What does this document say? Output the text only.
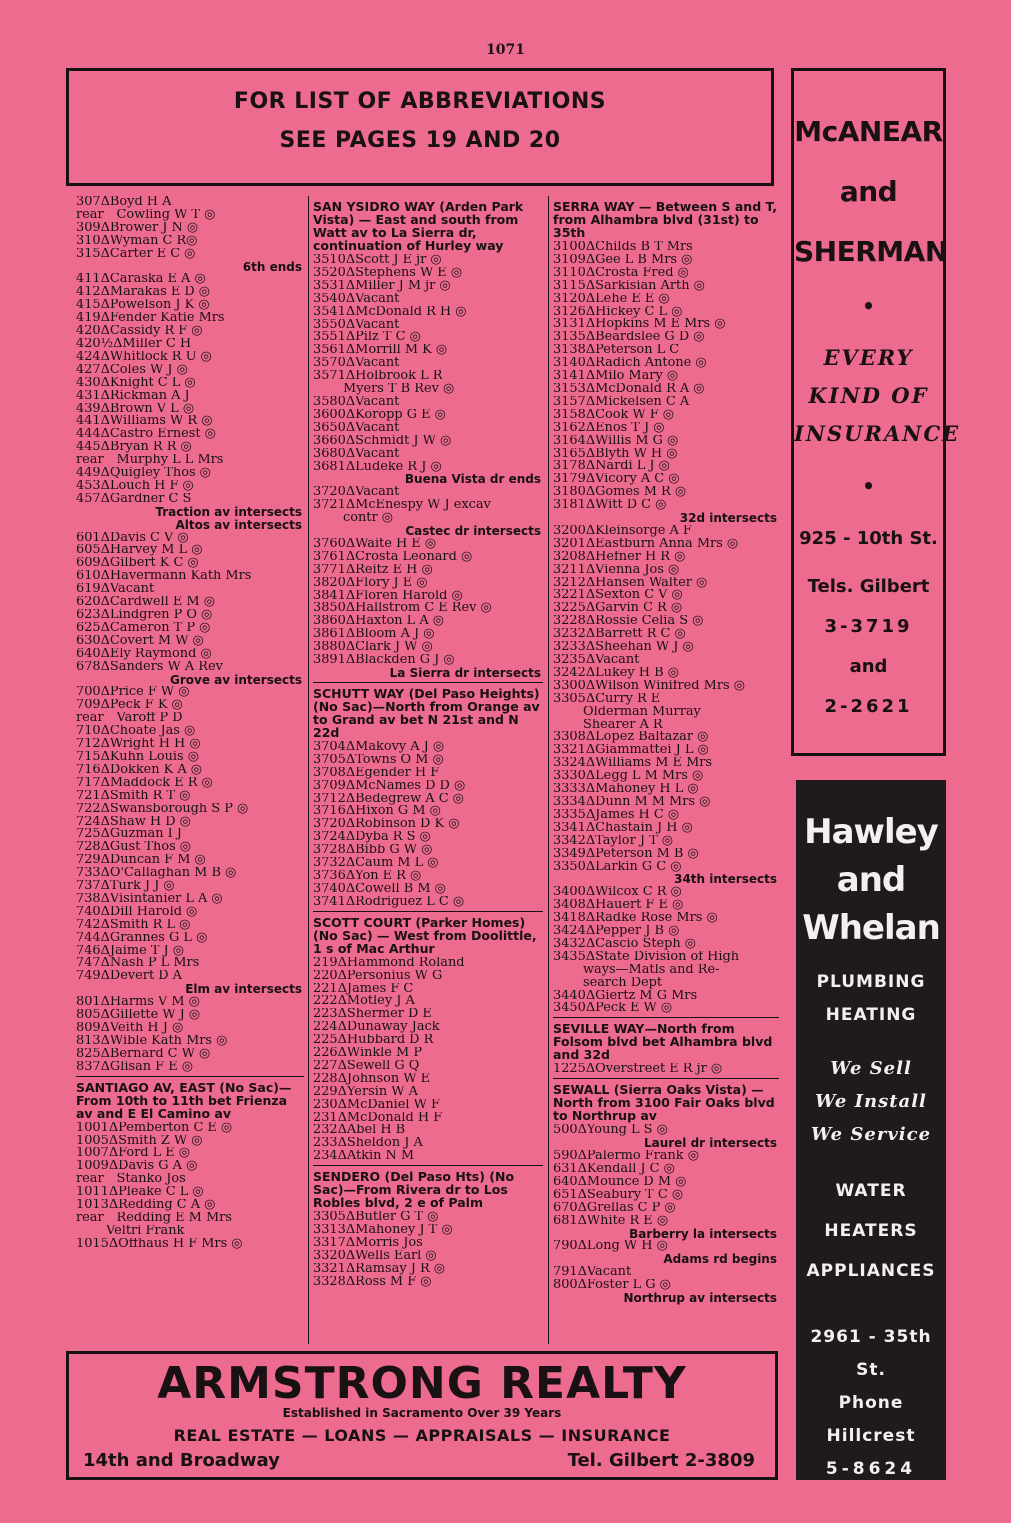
1071
FOR LIST OF ABBREVIATIONS
SEE PAGES 19 AND 20
307ΔBoyd H A
rear  Cowling W T ◎
309ΔBrower J N ◎
310ΔWyman C R◎
315ΔCarter E C ◎
6th ends
411ΔCaraska E A ◎
412ΔMarakas E D ◎
415ΔPowelson J K ◎
419ΔFender Katie Mrs
420ΔCassidy R F ◎
420½ΔMiller C H
424ΔWhitlock R U ◎
427ΔColes W J ◎
430ΔKnight C L ◎
431ΔRickman A J
439ΔBrown V L ◎
441ΔWilliams W R ◎
444ΔCastro Ernest ◎
445ΔBryan R R ◎
rear  Murphy L L Mrs
449ΔQuigley Thos ◎
453ΔLouch H F ◎
457ΔGardner C S
Traction av intersects
Altos av intersects
601ΔDavis C V ◎
605ΔHarvey M L ◎
609ΔGilbert K C ◎
610ΔHavermann Kath Mrs
619ΔVacant
620ΔCardwell E M ◎
623ΔLindgren P O ◎
625ΔCameron T P ◎
630ΔCovert M W ◎
640ΔEly Raymond ◎
678ΔSanders W A Rev
Grove av intersects
700ΔPrice F W ◎
709ΔPeck F K ◎
rear  Varoff P D
710ΔChoate Jas ◎
712ΔWright H H ◎
715ΔKuhn Louis ◎
716ΔDokken K A ◎
717ΔMaddock E R ◎
721ΔSmith R T ◎
722ΔSwansborough S P ◎
724ΔShaw H D ◎
725ΔGuzman I J
728ΔGust Thos ◎
729ΔDuncan F M ◎
733ΔO'Callaghan M B ◎
737ΔTurk J J ◎
738ΔVisintanier L A ◎
740ΔDill Harold ◎
742ΔSmith R L ◎
744ΔGrannes G L ◎
746ΔJaime T J ◎
747ΔNash P L Mrs
749ΔDevert D A
Elm av intersects
801ΔHarms V M ◎
805ΔGillette W J ◎
809ΔVeith H J ◎
813ΔWible Kath Mrs ◎
825ΔBernard C W ◎
837ΔGlisan F E ◎
SANTIAGO AV, EAST (No Sac)—From 10th to 11th bet Frienza av and E El Camino av
1001ΔPemberton C E ◎
1005ΔSmith Z W ◎
1007ΔFord L E ◎
1009ΔDavis G A ◎
rear  Stanko Jos
1011ΔPleake C L ◎
1013ΔRedding C A ◎
rear  Redding E M Mrs
Veltri Frank
1015ΔOffhaus H F Mrs ◎
SAN YSIDRO WAY (Arden Park Vista) — East and south from Watt av to La Sierra dr, continuation of Hurley way
3510ΔScott J E jr ◎
3520ΔStephens W E ◎
3531ΔMiller J M jr ◎
3540ΔVacant
3541ΔMcDonald R H ◎
3550ΔVacant
3551ΔPilz T C ◎
3561ΔMorrill M K ◎
3570ΔVacant
3571ΔHolbrook L R
Myers T B Rev ◎
3580ΔVacant
3600ΔKoropp G E ◎
3650ΔVacant
3660ΔSchmidt J W ◎
3680ΔVacant
3681ΔLudeke R J ◎
Buena Vista dr ends
3720ΔVacant
3721ΔMcEnespy W J excav
contr ◎
Castec dr intersects
3760ΔWaite H E ◎
3761ΔCrosta Leonard ◎
3771ΔReitz E H ◎
3820ΔFlory J E ◎
3841ΔFloren Harold ◎
3850ΔHallstrom C E Rev ◎
3860ΔHaxton L A ◎
3861ΔBloom A J ◎
3880ΔClark J W ◎
3891ΔBlackden G J ◎
La Sierra dr intersects
SCHUTT WAY (Del Paso Heights) (No Sac)—North from Orange av to Grand av bet N 21st and N 22d
3704ΔMakovy A J ◎
3705ΔTowns O M ◎
3708ΔEgender H F
3709ΔMcNames D D ◎
3712ΔBedegrew A C ◎
3716ΔHixon G M ◎
3720ΔRobinson D K ◎
3724ΔDyba R S ◎
3728ΔBibb G W ◎
3732ΔCaum M L ◎
3736ΔYon E R ◎
3740ΔCowell B M ◎
3741ΔRodriguez L C ◎
SCOTT COURT (Parker Homes) (No Sac) — West from Doolittle, 1 s of Mac Arthur
219ΔHammond Roland
220ΔPersonius W G
221ΔJames F C
222ΔMotley J A
223ΔShermer D E
224ΔDunaway Jack
225ΔHubbard D R
226ΔWinkle M P
227ΔSewell G Q
228ΔJohnson W E
229ΔYersin W A
230ΔMcDaniel W F
231ΔMcDonald H F
232ΔAbel H B
233ΔSheldon J A
234ΔAtkin N M
SENDERO (Del Paso Hts) (No Sac)—From Rivera dr to Los Robles blvd, 2 e of Palm
3305ΔButler G T ◎
3313ΔMahoney J T ◎
3317ΔMorris Jos
3320ΔWells Earl ◎
3321ΔRamsay J R ◎
3328ΔRoss M F ◎
SERRA WAY — Between S and T, from Alhambra blvd (31st) to 35th
3100ΔChilds B T Mrs
3109ΔGee L B Mrs ◎
3110ΔCrosta Fred ◎
3115ΔSarkisian Arth ◎
3120ΔLehe E E ◎
3126ΔHickey C L ◎
3131ΔHopkins M E Mrs ◎
3135ΔBeardslee G D ◎
3138ΔPeterson L C
3140ΔRadich Antone ◎
3141ΔMilo Mary ◎
3153ΔMcDonald R A ◎
3157ΔMickelsen C A
3158ΔCook W F ◎
3162ΔEnos T J ◎
3164ΔWillis M G ◎
3165ΔBlyth W H ◎
3178ΔNardi L J ◎
3179ΔVicory A C ◎
3180ΔGomes M R ◎
3181ΔWitt D C ◎
32d intersects
3200ΔKleinsorge A F
3201ΔEastburn Anna Mrs ◎
3208ΔHefner H R ◎
3211ΔVienna Jos ◎
3212ΔHansen Walter ◎
3221ΔSexton C V ◎
3225ΔGarvin C R ◎
3228ΔRossie Celia S ◎
3232ΔBarrett R C ◎
3233ΔSheehan W J ◎
3235ΔVacant
3242ΔLukey H B ◎
3300ΔWilson Winifred Mrs ◎
3305ΔCurry R E
Olderman Murray
Shearer A R
3308ΔLopez Baltazar ◎
3321ΔGiammattei J L ◎
3324ΔWilliams M E Mrs
3330ΔLegg L M Mrs ◎
3333ΔMahoney H L ◎
3334ΔDunn M M Mrs ◎
3335ΔJames H C ◎
3341ΔChastain J H ◎
3342ΔTaylor J T ◎
3349ΔPeterson M B ◎
3350ΔLarkin G C ◎
34th intersects
3400ΔWilcox C R ◎
3408ΔHauert F E ◎
3418ΔRadke Rose Mrs ◎
3424ΔPepper J B ◎
3432ΔCascio Steph ◎
3435ΔState Division of High
ways—Matls and Re-
search Dept
3440ΔGiertz M G Mrs
3450ΔPeck E W ◎
SEVILLE WAY—North from Folsom blvd bet Alhambra blvd and 32d
1225ΔOverstreet E R jr ◎
SEWALL (Sierra Oaks Vista) — North from 3100 Fair Oaks blvd to Northrup av
500ΔYoung L S ◎
Laurel dr intersects
590ΔPalermo Frank ◎
631ΔKendall J C ◎
640ΔMounce D M ◎
651ΔSeabury T C ◎
670ΔGrellas C P ◎
681ΔWhite R E ◎
Barberry la intersects
790ΔLong W H ◎
Adams rd begins
791ΔVacant
800ΔFoster L G ◎
Northrup av intersects
McANEAR
and
SHERMAN
•
EVERY
KIND OF
INSURANCE
•
925 - 10th St.
Tels. Gilbert
3-3719
and
2-2621
Hawley
and
Whelan
PLUMBING
HEATING
We Sell
We Install
We Service
WATER
HEATERS
APPLIANCES
2961 - 35th St.
Phone Hillcrest
5-8624
ARMSTRONG REALTY
Established in Sacramento Over 39 Years
REAL ESTATE — LOANS — APPRAISALS — INSURANCE
14th and Broadway	Tel. Gilbert 2-3809
